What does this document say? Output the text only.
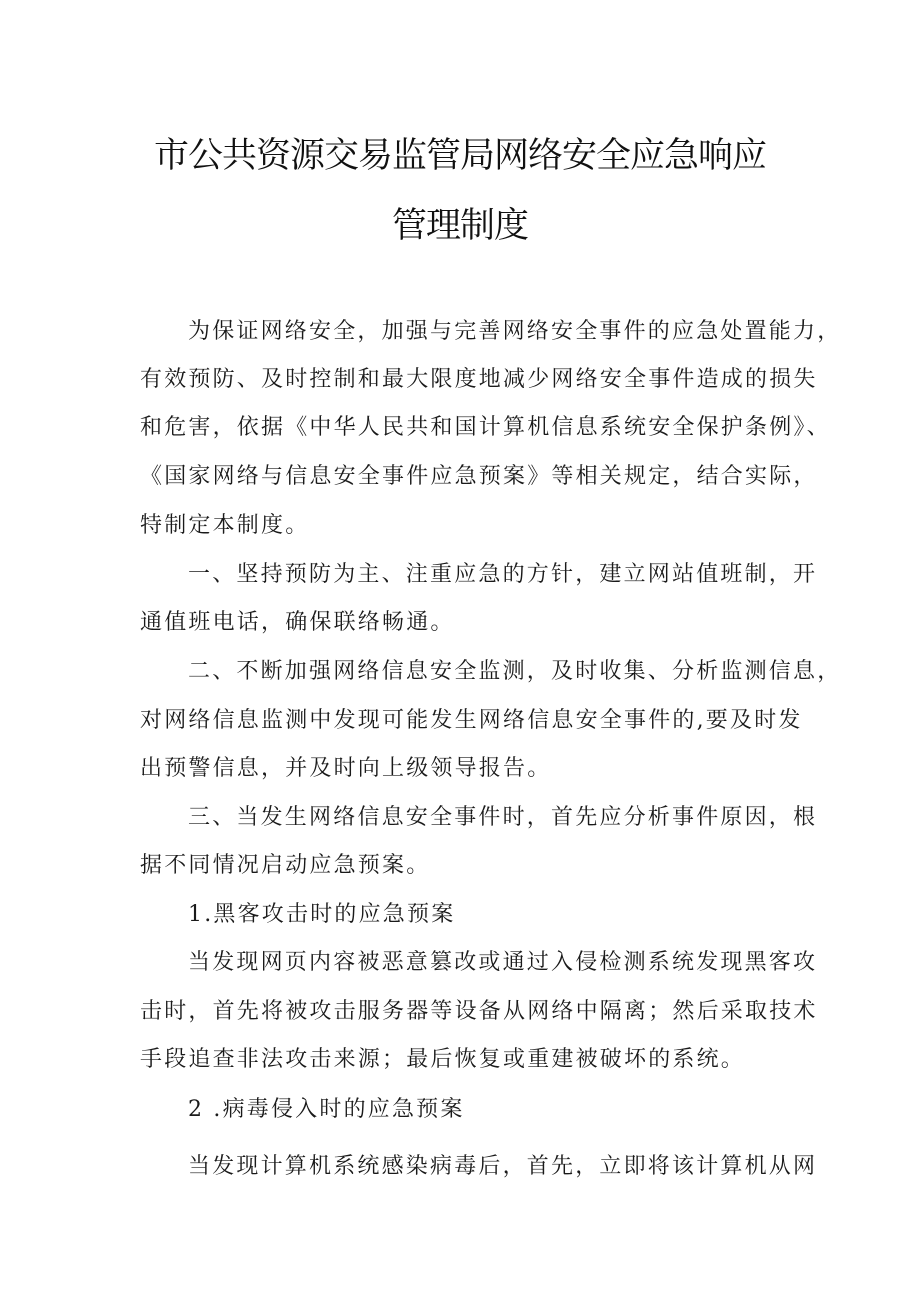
市公共资源交易监管局网络安全应急响应
管理制度
为保证网络安全，加强与完善网络安全事件的应急处置能力，
有效预防、及时控制和最大限度地减少网络安全事件造成的损失
和危害，依据《中华人民共和国计算机信息系统安全保护条例》、
《国家网络与信息安全事件应急预案》等相关规定，结合实际，
特制定本制度。
一、坚持预防为主、注重应急的方针，建立网站值班制，开
通值班电话，确保联络畅通。
二、不断加强网络信息安全监测，及时收集、分析监测信息，
对网络信息监测中发现可能发生网络信息安全事件的,要及时发
出预警信息，并及时向上级领导报告。
三、当发生网络信息安全事件时，首先应分析事件原因，根
据不同情况启动应急预案。
1.黑客攻击时的应急预案
当发现网页内容被恶意篡改或通过入侵检测系统发现黑客攻
击时，首先将被攻击服务器等设备从网络中隔离；然后采取技术
手段追查非法攻击来源；最后恢复或重建被破坏的系统。
2 .病毒侵入时的应急预案
当发现计算机系统感染病毒后，首先，立即将该计算机从网
